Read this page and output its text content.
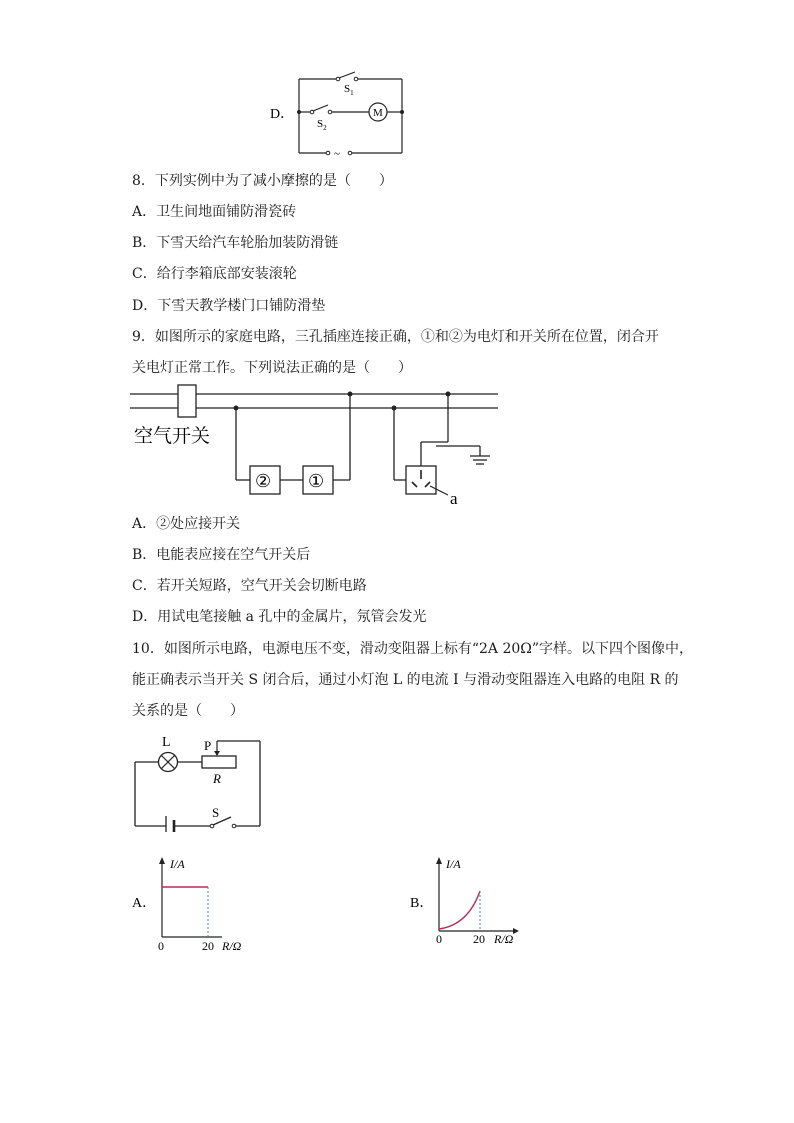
D．
$S_1$
M
$S_2$
~
8．下列实例中为了减小摩擦的是（　　）
A．卫生间地面铺防滑瓷砖
B．下雪天给汽车轮胎加装防滑链
C．给行李箱底部安装滚轮
D．下雪天教学楼门口铺防滑垫
9．如图所示的家庭电路，三孔插座连接正确，①和②为电灯和开关所在位置，闭合开
关电灯正常工作。下列说法正确的是（　　）
空气开关
② ①
a
A．②处应接开关
B．电能表应接在空气开关后
C．若开关短路，空气开关会切断电路
D．用试电笔接触 a 孔中的金属片，氖管会发光
10．如图所示电路，电源电压不变，滑动变阻器上标有“2A 20Ω”字样。以下四个图像中，
能正确表示当开关 S 闭合后，通过小灯泡 L 的电流 I 与滑动变阻器连入电路的电阻 R 的
关系的是（　　）
L	P
R
S
A．
I/A
0	20 R/Ω
B．
I/A
0	20 R/Ω
